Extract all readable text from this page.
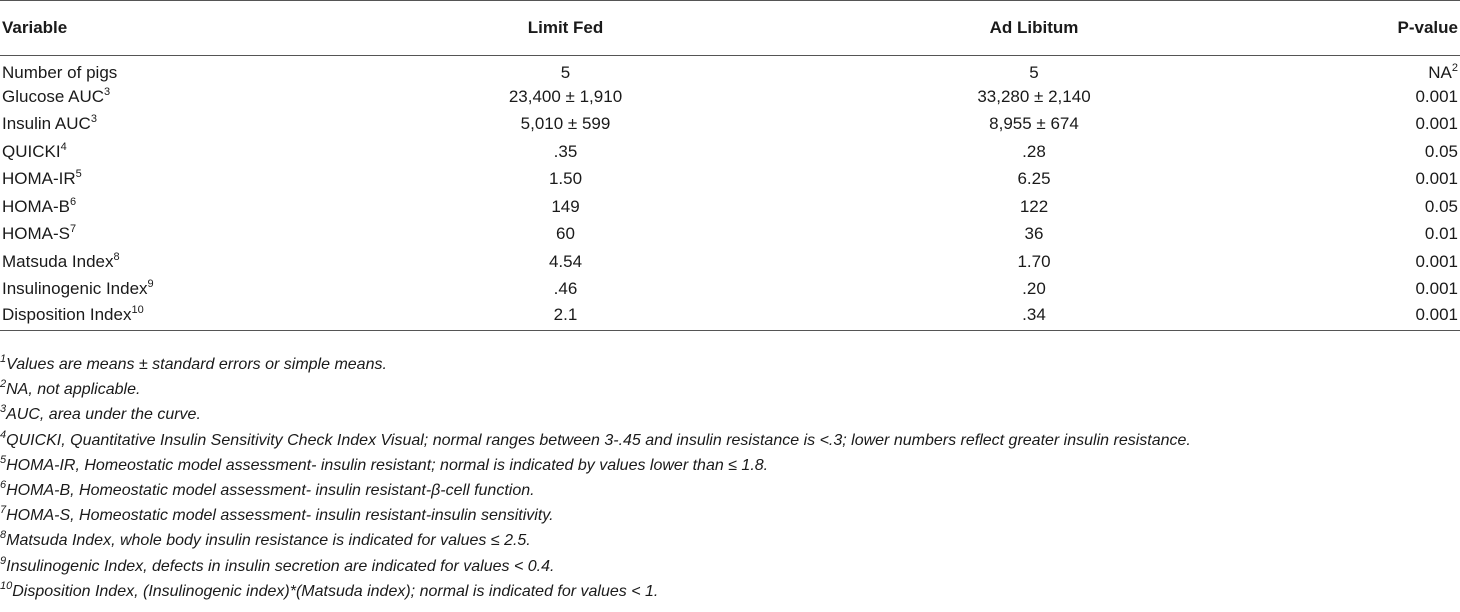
Variable	Limit Fed	Ad Libitum	P-value
Number of pigs	5	5	$NA^2$
Glucose AUC$^3$	23,400 ± 1,910	33,280 ± 2,140	0.001
Insulin AUC$^3$	5,010 ± 599	8,955 ± 674	0.001
QUICKI$^4$	.35	.28	0.05
HOMA-$IR^5$	1.50	6.25	0.001
HOMA-$B^6$	149	122	0.05
HOMA-$S^7$	60	36	0.01
Matsuda Index$^8$	4.54	1.70	0.001
Insulinogenic Index$^9$	.46	.20	0.001
Disposition Index$^{10}$	2.1	.34	0.001
$^1$Values are means ± standard errors or simple means.
$^2$NA, not applicable.
$^3$AUC, area under the curve.
$^4$QUICKI, Quantitative Insulin Sensitivity Check Index Visual; normal ranges between 3-.45 and insulin resistance is <.3; lower numbers reflect greater insulin resistance.
$^5$HOMA-IR, Homeostatic model assessment- insulin resistant; normal is indicated by values lower than ≤ 1.8.
$^6$HOMA-B, Homeostatic model assessment- insulin resistant-β-cell function.
$^7$HOMA-S, Homeostatic model assessment- insulin resistant-insulin sensitivity.
$^8$Matsuda Index, whole body insulin resistance is indicated for values ≤ 2.5.
$^9$Insulinogenic Index, defects in insulin secretion are indicated for values < 0.4.
$^{10}$Disposition Index, (Insulinogenic index)*(Matsuda index); normal is indicated for values < 1.
